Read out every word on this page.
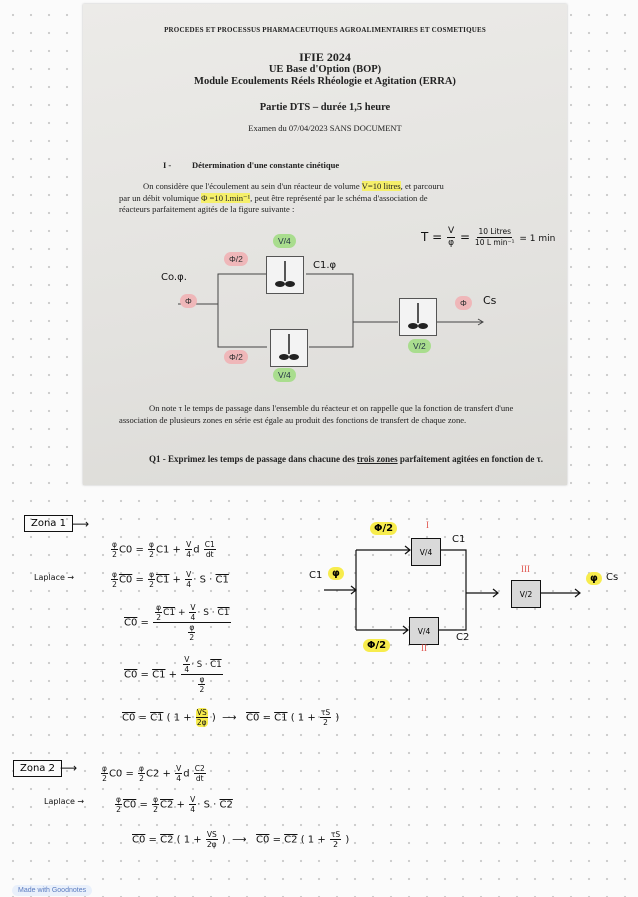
PROCEDES ET PROCESSUS PHARMACEUTIQUES AGROALIMENTAIRES ET COSMETIQUES
IFIE 2024
UE Base d'Option (BOP)
Module Ecoulements Réels Rhéologie et Agitation (ERRA)
Partie DTS – durée 1,5 heure
Examen du 07/04/2023 SANS DOCUMENT
I - Détermination d'une constante cinétique
On considère que l'écoulement au sein d'un réacteur de volume V=10 litres, et parcouru
par un débit volumique Φ =10 l.min⁻¹, peut être représenté par le schéma d'association de
réacteurs parfaitement agités de la figure suivante :
V/4
Φ/2
Φ
Φ/2
V/4
Φ
V/2
$T = \frac{V}{\varphi} = \frac{\text{10 Litres}}{\text{10 L min⁻¹}} = 1$ min
Co.φ.
C1.φ
Cs
On note τ le temps de passage dans l'ensemble du réacteur et on rappelle que la fonction de transfert d'une association de plusieurs zones en série est égale au produit des fonctions de transfert de chaque zone.
Q1 - Exprimez les temps de passage dans chacune des trois zones parfaitement agitées en fonction de τ.
Zona 1 ⟶
$\frac{\varphi}{2} C0 = \frac{\varphi}{2} C1 + \frac{V}{4}$ d $\frac{C1}{dt}$
Laplace →	$\frac{\varphi}{2} C0 = \frac{\varphi}{2} C1 + \frac{V}{4} \cdot S \cdot C1$
$C0 = \frac{\frac{\varphi}{2} C1 + \frac{V}{4} \cdot S \cdot C1}{\frac{\varphi}{2}}$
$C0 = C1 + \frac{\frac{V}{4} \cdot S \cdot C1}{\frac{\varphi}{2}}$
C0 = C1 ( $1 + \frac{VS}{2\varphi}$ )  ⟶   C0 = C1 ( $1 + \frac{\tau S}{2}$ )
Zona 2 ⟶	$\frac{\varphi}{2} C0 = \frac{\varphi}{2} C2 + \frac{V}{4}$ d $\frac{C2}{dt}$
Laplace →	$\frac{\varphi}{2} C0 = \frac{\varphi}{2} C2 + \frac{V}{4} \cdot S \cdot C2$
C0 = C2 ( $1 + \frac{VS}{2\varphi}$ )  ⟶   C0 = C2 ( $1 + \frac{\tau S}{2}$ )
V/4
V/4
V/2
Φ/2
Φ/2
C1 φ
C1
C2
φ Cs
I
II
III
Made with Goodnotes
